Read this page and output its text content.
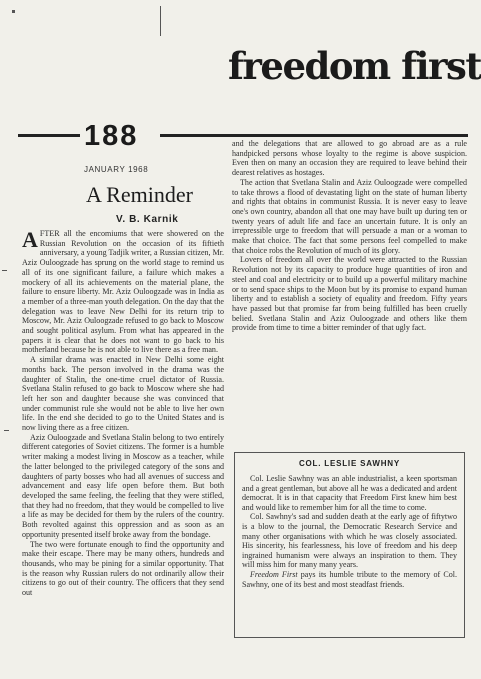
freedom first
188
JANUARY 1968
A Reminder
V. B. Karnik

AFTER all the encomiums that were showered on the Russian Revolution on the occasion of its fiftieth anniversary, a young Tadjik writer, a Russian citizen, Mr. Aziz Ouloogzade has sprung on the world stage to remind us all of its one significant failure, a failure which makes a mockery of all its achievements on the material plane, the failure to ensure liberty. Mr. Aziz Ouloogzade was in India as a member of a three-man youth delegation. On the day that the delegation was to leave New Delhi for its return trip to Moscow, Mr. Aziz Ouloogzade refused to go back to Moscow and sought political asylum. From what has appeared in the papers it is clear that he does not want to go back to his motherland because he is not able to live there as a free man.

A similar drama was enacted in New Delhi some eight months back. The person involved in the drama was the daughter of Stalin, the one-time cruel dictator of Russia. Svetlana Stalin refused to go back to Moscow where she had left her son and daughter because she was convinced that under communist rule she would not be able to live her own life. In the end she decided to go to the United States and is now living there as a free citizen.

Aziz Ouloogzade and Svetlana Stalin belong to two entirely different categories of Soviet citizens. The former is a humble writer making a modest living in Moscow as a teacher, while the latter belonged to the privileged category of the sons and daughters of party bosses who had all avenues of success and advancement and easy life open before them. But both developed the same feeling, the feeling that they were stifled, that they had no freedom, that they would be compelled to live a life as may be decided for them by the rulers of the country. Both revolted against this oppression and as soon as an opportunity presented itself broke away from the bondage.

The two were fortunate enough to find the opportunity and make their escape. There may be many others, hundreds and thousands, who may be pining for a similar opportunity. That is the reason why Russian rulers do not ordinarily allow their citizens to go out of their country. The officers that they send out

and the delegations that are allowed to go abroad are as a rule handpicked persons whose loyalty to the regime is above suspicion. Even then on many an occasion they are required to leave behind their dearest relatives as hostages.

The action that Svetlana Stalin and Aziz Ouloogzade were compelled to take throws a flood of devastating light on the state of human liberty and rights that obtains in communist Russia. It is never easy to leave one's own country, abandon all that one may have built up during ten or twenty years of adult life and face an uncertain future. It is only an irrepressible urge to freedom that will persuade a man or a woman to make that choice. The fact that some persons feel compelled to make that choice robs the Revolution of much of its glory.

Lovers of freedom all over the world were attracted to the Russian Revolution not by its capacity to produce huge quantities of iron and steel and coal and electricity or to build up a powerful military machine or to send space ships to the Moon but by its promise to expand human liberty and to establish a society of equality and freedom. Fifty years have passed but that promise far from being fulfilled has been cruelly belied. Svetlana Stalin and Aziz Ouloogzade and others like them provide from time to time a bitter reminder of that ugly fact.

COL. LESLIE SAWHNY

Col. Leslie Sawhny was an able industrialist, a keen sportsman and a great gentleman, but above all he was a dedicated and ardent democrat. It is in that capacity that Freedom First knew him best and would like to remember him for all the time to come.

Col. Sawhny's sad and sudden death at the early age of fiftytwo is a blow to the journal, the Democratic Research Service and many other organisations with which he was closely associated. His sincerity, his fearlessness, his love of freedom and his deep ingrained humanism were always an inspiration to them. They will miss him for many many years.

Freedom First pays its humble tribute to the memory of Col. Sawhny, one of its best and most steadfast friends.
